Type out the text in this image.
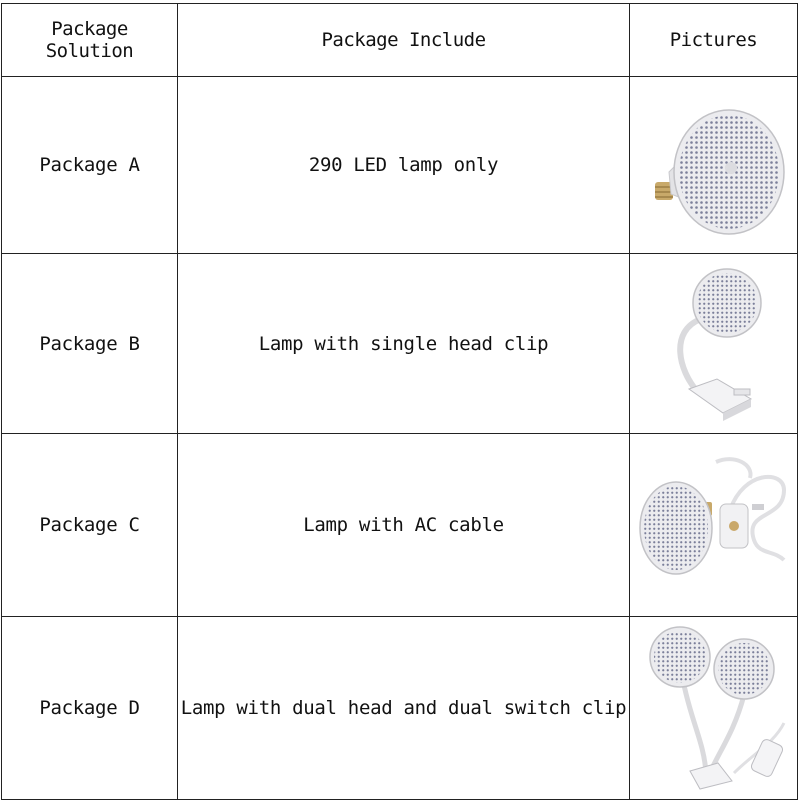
Package Solution	Package Include	Pictures
Package A	290 LED lamp only	

Package B	Lamp with single head clip	

Package C	Lamp with AC cable	

Package D	Lamp with dual head and dual switch clip	
